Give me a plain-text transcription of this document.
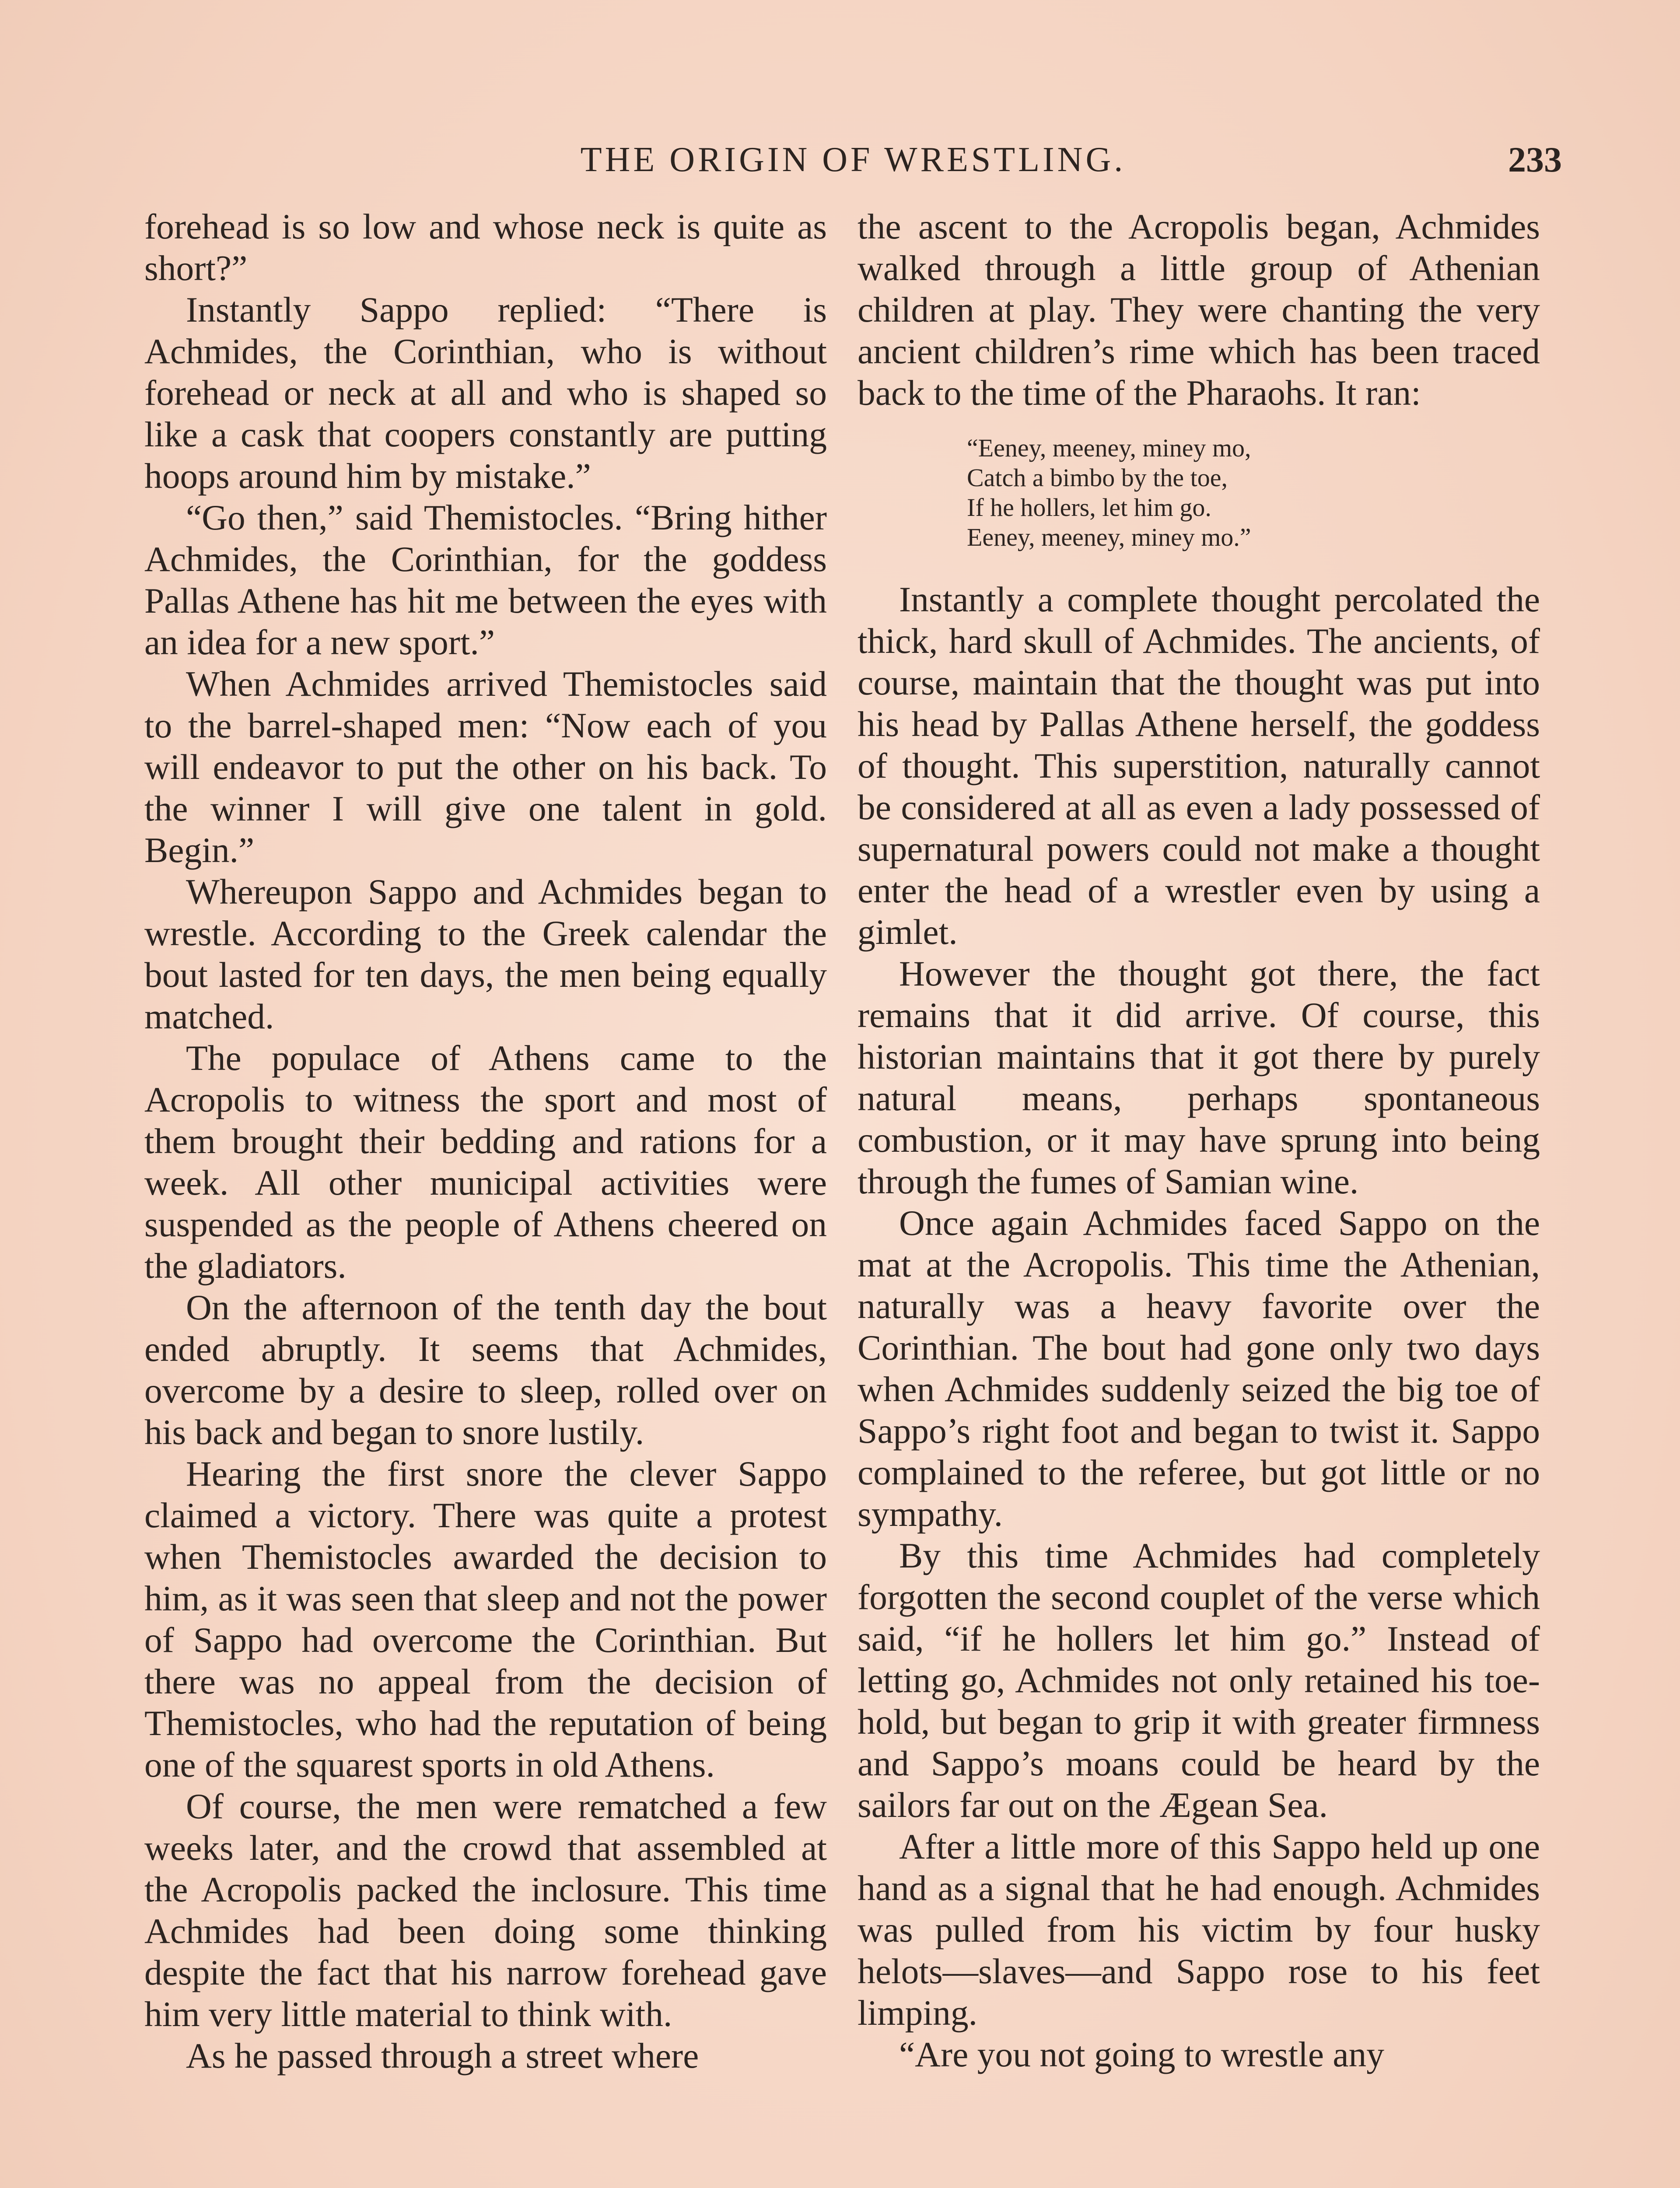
THE ORIGIN OF WRESTLING.	233

forehead is so low and whose neck is quite as short?”

Instantly Sappo replied: “There is Achmides, the Corinthian, who is without forehead or neck at all and who is shaped so like a cask that coopers constantly are putting hoops around him by mistake.”

“Go then,” said Themistocles. “Bring hither Achmides, the Corinthian, for the goddess Pallas Athene has hit me between the eyes with an idea for a new sport.”

When Achmides arrived Themistocles said to the barrel-shaped men: “Now each of you will endeavor to put the other on his back. To the winner I will give one talent in gold. Begin.”

Whereupon Sappo and Achmides began to wrestle. According to the Greek calendar the bout lasted for ten days, the men being equally matched.

The populace of Athens came to the Acropolis to witness the sport and most of them brought their bedding and rations for a week. All other municipal activities were suspended as the people of Athens cheered on the gladiators.

On the afternoon of the tenth day the bout ended abruptly. It seems that Achmides, overcome by a desire to sleep, rolled over on his back and began to snore lustily.

Hearing the first snore the clever Sappo claimed a victory. There was quite a protest when Themistocles awarded the decision to him, as it was seen that sleep and not the power of Sappo had overcome the Corinthian. But there was no appeal from the decision of Themistocles, who had the reputation of being one of the squarest sports in old Athens.

Of course, the men were rematched a few weeks later, and the crowd that assembled at the Acropolis packed the inclosure. This time Achmides had been doing some thinking despite the fact that his narrow forehead gave him very little material to think with.

As he passed through a street where

the ascent to the Acropolis began, Achmides walked through a little group of Athenian children at play. They were chanting the very ancient children’s rime which has been traced back to the time of the Pharaohs. It ran:

“Eeney, meeney, miney mo,
Catch a bimbo by the toe,
If he hollers, let him go.
Eeney, meeney, miney mo.”

Instantly a complete thought percolated the thick, hard skull of Achmides. The ancients, of course, maintain that the thought was put into his head by Pallas Athene herself, the goddess of thought. This superstition, naturally cannot be considered at all as even a lady possessed of supernatural powers could not make a thought enter the head of a wrestler even by using a gimlet.

However the thought got there, the fact remains that it did arrive. Of course, this historian maintains that it got there by purely natural means, perhaps spontaneous combustion, or it may have sprung into being through the fumes of Samian wine.

Once again Achmides faced Sappo on the mat at the Acropolis. This time the Athenian, naturally was a heavy favorite over the Corinthian. The bout had gone only two days when Achmides suddenly seized the big toe of Sappo’s right foot and began to twist it. Sappo complained to the referee, but got little or no sympathy.

By this time Achmides had completely forgotten the second couplet of the verse which said, “if he hollers let him go.” Instead of letting go, Achmides not only retained his toe-hold, but began to grip it with greater firmness and Sappo’s moans could be heard by the sailors far out on the Ægean Sea.

After a little more of this Sappo held up one hand as a signal that he had enough. Achmides was pulled from his victim by four husky helots—slaves—and Sappo rose to his feet limping.

“Are you not going to wrestle any
